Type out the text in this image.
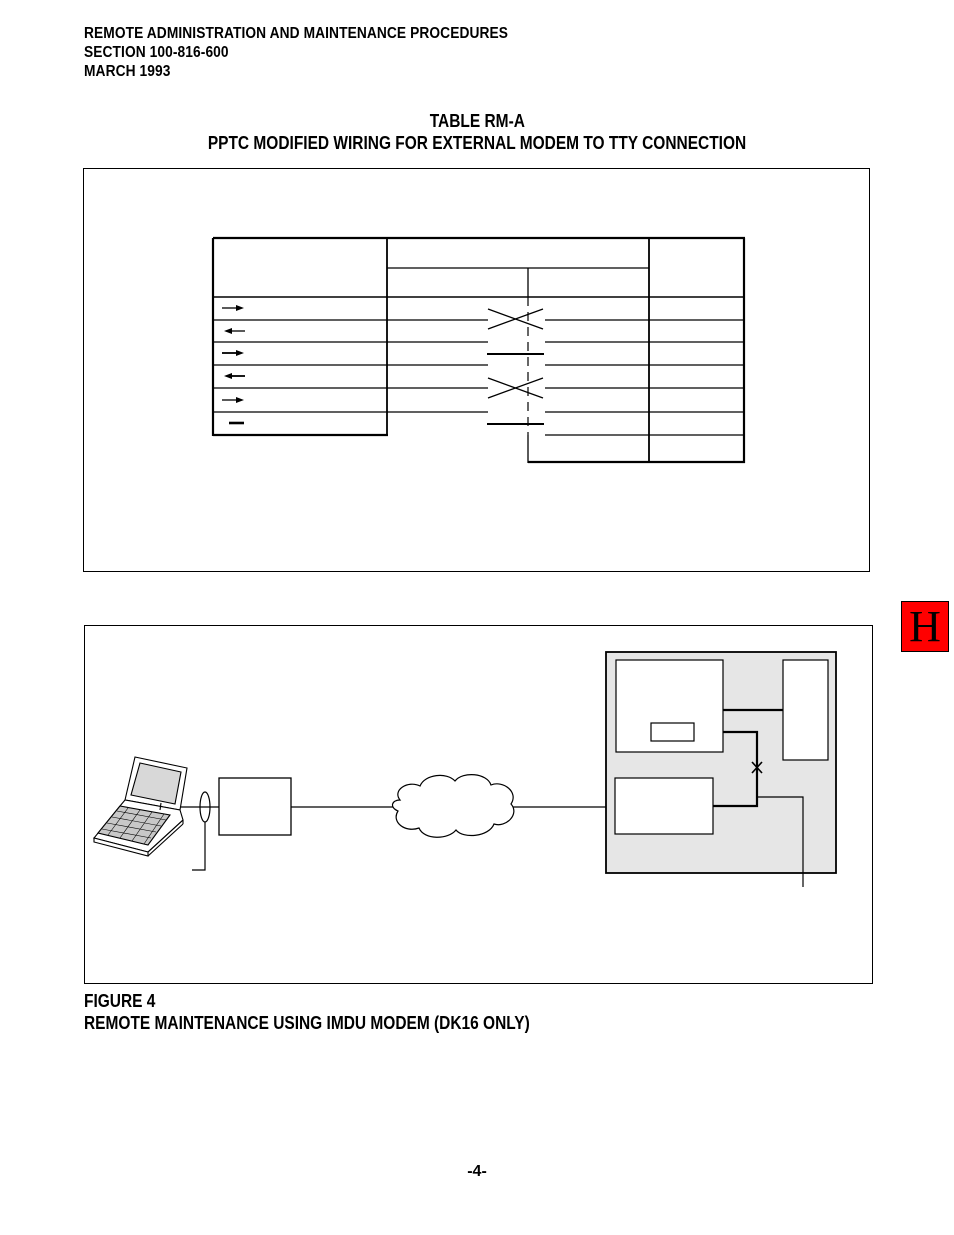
REMOTE ADMINISTRATION AND MAINTENANCE PROCEDURES
SECTION 100-816-600
MARCH 1993
TABLE RM-A
PPTC MODIFIED WIRING FOR EXTERNAL MODEM TO TTY CONNECTION
FIGURE 4
REMOTE MAINTENANCE USING IMDU MODEM (DK16 ONLY)
H
-4-
